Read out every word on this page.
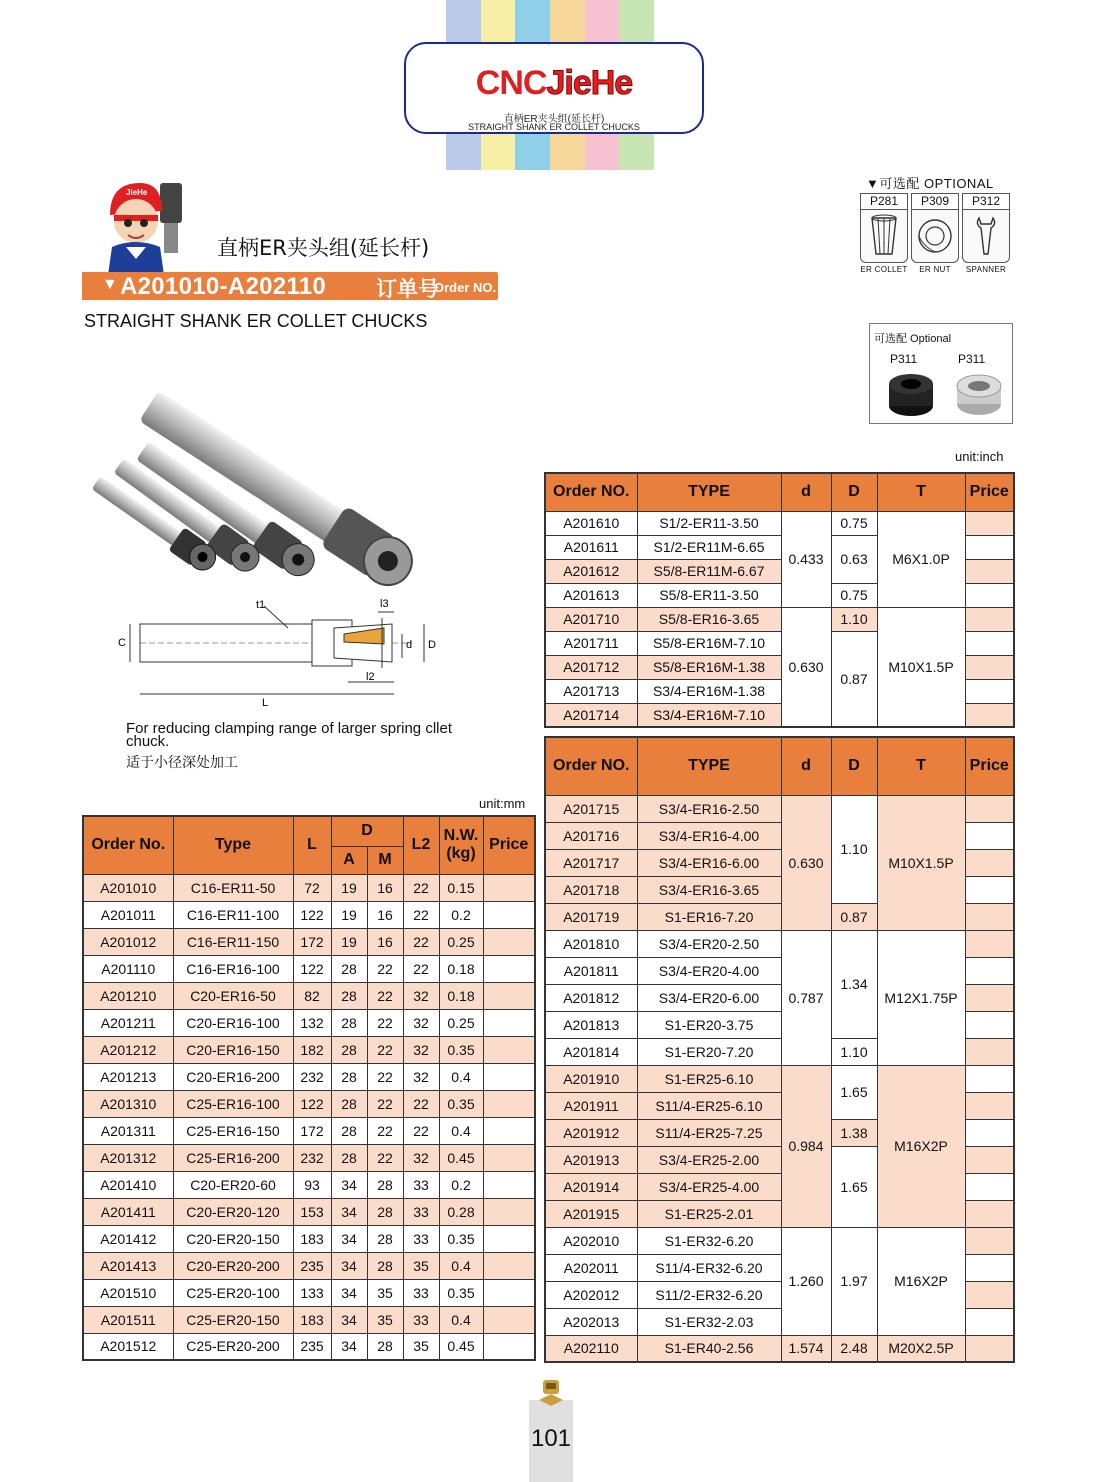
CNCJieHe
直柄ER夹头组(延长杆)
STRAIGHT SHANK ER COLLET CHUCKS
JieHe
直柄ER夹头组(延长杆)
▼ A201010-A202110 订单号
Order NO.
STRAIGHT SHANK ER COLLET CHUCKS
▼可选配 OPTIONAL
P281
ER COLLET
P309
ER NUT
P312
SPANNER
可选配 Optional
P311	P311
t1	l3
C	d D
l2
L
For reducing clamping range of larger spring cllet chuck.
适于小径深处加工
unit:inch
unit:mm
Order No.	Type	L	D		L2	N.W.
(kg)	Price
			A	M			
A201010	C16-ER11-50	72	19	16	22	0.15	
A201011	C16-ER11-100	122	19	16	22	0.2	
A201012	C16-ER11-150	172	19	16	22	0.25	
A201110	C16-ER16-100	122	28	22	22	0.18	
A201210	C20-ER16-50	82	28	22	32	0.18	
A201211	C20-ER16-100	132	28	22	32	0.25	
A201212	C20-ER16-150	182	28	22	32	0.35	
A201213	C20-ER16-200	232	28	22	32	0.4	
A201310	C25-ER16-100	122	28	22	22	0.35	
A201311	C25-ER16-150	172	28	22	22	0.4	
A201312	C25-ER16-200	232	28	22	32	0.45	
A201410	C20-ER20-60	93	34	28	33	0.2	
A201411	C20-ER20-120	153	34	28	33	0.28	
A201412	C20-ER20-150	183	34	28	33	0.35	
A201413	C20-ER20-200	235	34	28	35	0.4	
A201510	C25-ER20-100	133	34	35	33	0.35	
A201511	C25-ER20-150	183	34	35	33	0.4	
A201512	C25-ER20-200	235	34	28	35	0.45	
Order NO.	TYPE	d	D	T	Price
A201610	S1/2-ER11-3.50	0.433	0.75	M6X1.0P	
A201611	S1/2-ER11M-6.65		0.63		
A201612	S5/8-ER11M-6.67				
A201613	S5/8-ER11-3.50		0.75		
A201710	S5/8-ER16-3.65	0.630	1.10	M10X1.5P	
A201711	S5/8-ER16M-7.10		0.87		
A201712	S5/8-ER16M-1.38				
A201713	S3/4-ER16M-1.38				
A201714	S3/4-ER16M-7.10				
Order NO.	TYPE	d	D	T	Price
A201715	S3/4-ER16-2.50	0.630	1.10	M10X1.5P	
A201716	S3/4-ER16-4.00				
A201717	S3/4-ER16-6.00				
A201718	S3/4-ER16-3.65				
A201719	S1-ER16-7.20		0.87		
A201810	S3/4-ER20-2.50	0.787	1.34	M12X1.75P	
A201811	S3/4-ER20-4.00				
A201812	S3/4-ER20-6.00				
A201813	S1-ER20-3.75				
A201814	S1-ER20-7.20		1.10		
A201910	S1-ER25-6.10	0.984	1.65	M16X2P	
A201911	S11/4-ER25-6.10				
A201912	S11/4-ER25-7.25		1.38		
A201913	S3/4-ER25-2.00		1.65		
A201914	S3/4-ER25-4.00				
A201915	S1-ER25-2.01				
A202010	S1-ER32-6.20	1.260	1.97	M16X2P	
A202011	S11/4-ER32-6.20				
A202012	S11/2-ER32-6.20				
A202013	S1-ER32-2.03				
A202110	S1-ER40-2.56	1.574	2.48	M20X2.5P	
101
